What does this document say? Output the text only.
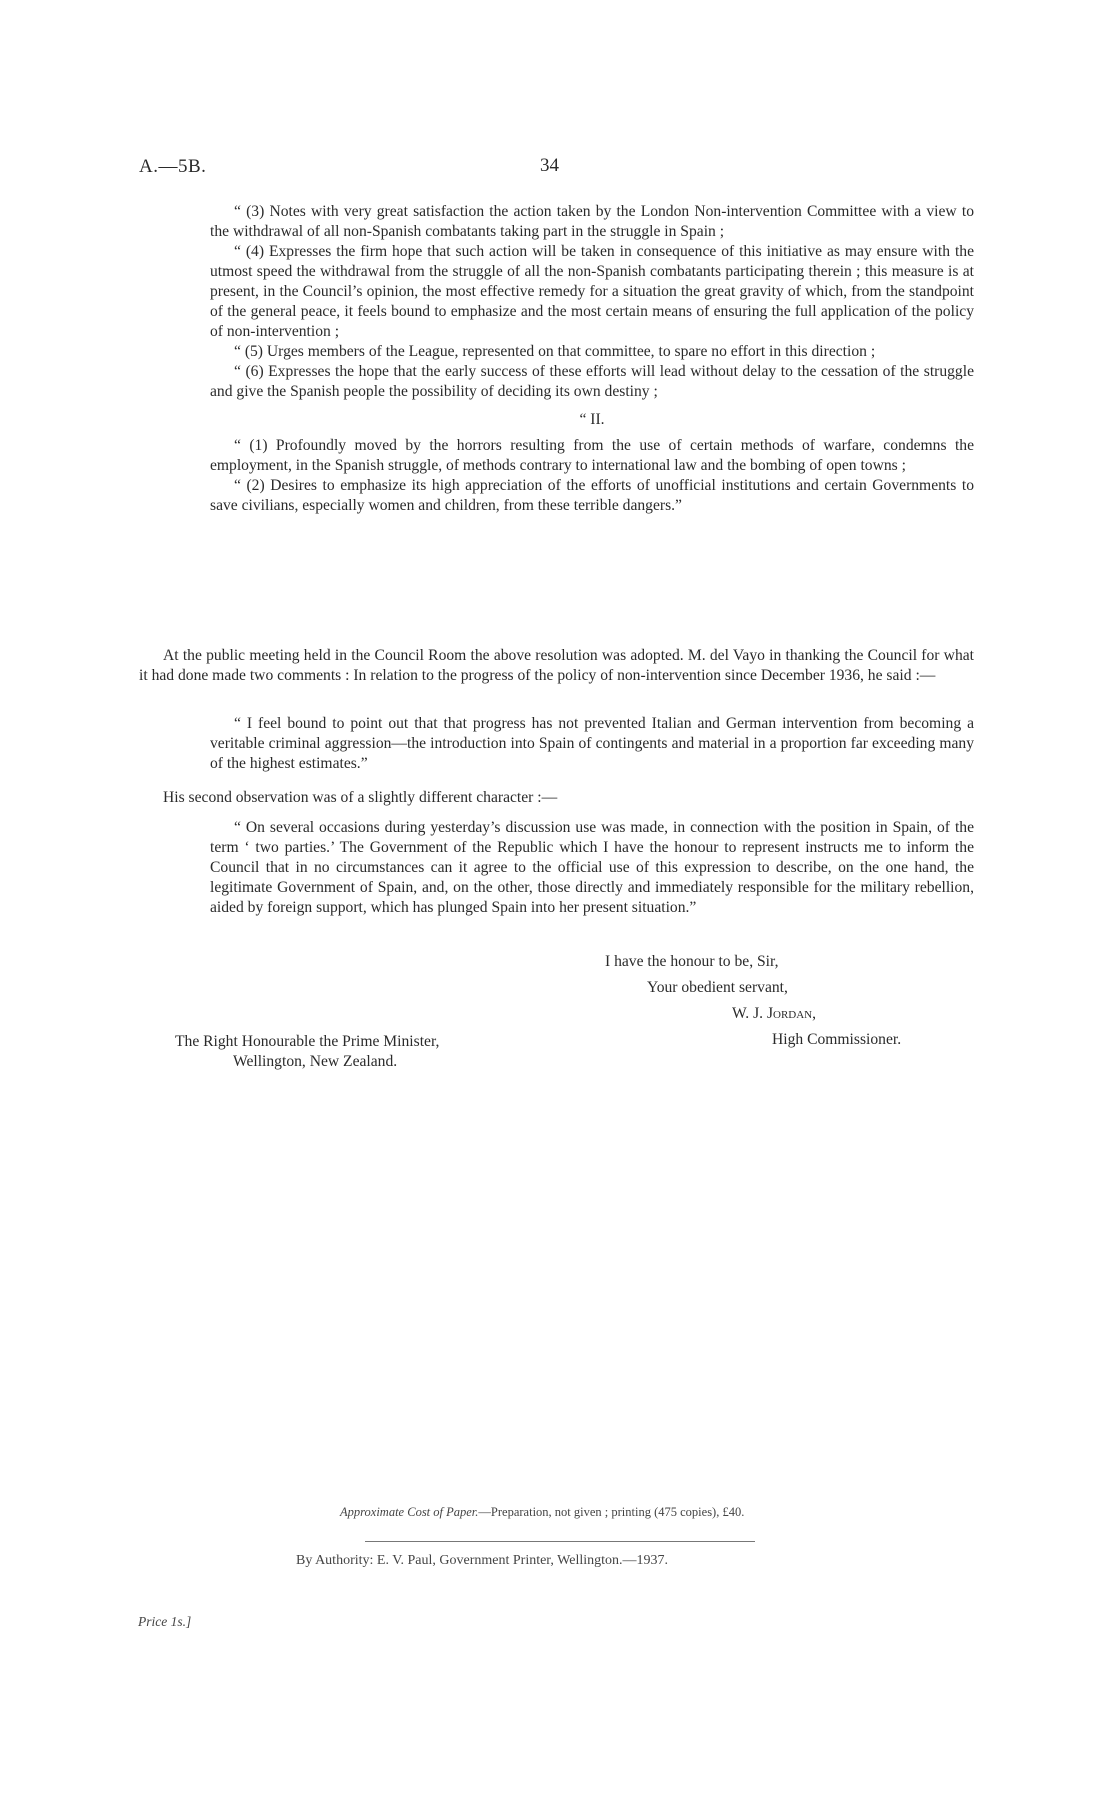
A.—5B.	34

“ (3) Notes with very great satisfaction the action taken by the London Non-intervention Committee with a view to the withdrawal of all non-Spanish combatants taking part in the struggle in Spain ;

“ (4) Expresses the firm hope that such action will be taken in consequence of this initiative as may ensure with the utmost speed the withdrawal from the struggle of all the non-Spanish combatants participating therein ; this measure is at present, in the Council’s opinion, the most effective remedy for a situation the great gravity of which, from the standpoint of the general peace, it feels bound to emphasize and the most certain means of ensuring the full application of the policy of non-intervention ;

“ (5) Urges members of the League, represented on that committee, to spare no effort in this direction ;

“ (6) Expresses the hope that the early success of these efforts will lead without delay to the cessation of the struggle and give the Spanish people the possibility of deciding its own destiny ;

“ II.

“ (1) Profoundly moved by the horrors resulting from the use of certain methods of warfare, condemns the employment, in the Spanish struggle, of methods contrary to international law and the bombing of open towns ;

“ (2) Desires to emphasize its high appreciation of the efforts of unofficial institutions and certain Governments to save civilians, especially women and children, from these terrible dangers.”

At the public meeting held in the Council Room the above resolution was adopted. M. del Vayo in thanking the Council for what it had done made two comments : In relation to the progress of the policy of non-intervention since December 1936, he said :—

“ I feel bound to point out that that progress has not prevented Italian and German intervention from becoming a veritable criminal aggression—the introduction into Spain of contingents and material in a proportion far exceeding many of the highest estimates.”

His second observation was of a slightly different character :—

“ On several occasions during yesterday’s discussion use was made, in connection with the position in Spain, of the term ‘ two parties.’ The Government of the Republic which I have the honour to represent instructs me to inform the Council that in no circumstances can it agree to the official use of this expression to describe, on the one hand, the legitimate Government of Spain, and, on the other, those directly and immediately responsible for the military rebellion, aided by foreign support, which has plunged Spain into her present situation.”

I have the honour to be, Sir,
Your obedient servant,
W. J. Jordan,
High Commissioner.
The Right Honourable the Prime Minister,
Wellington, New Zealand.
Approximate Cost of Paper.—Preparation, not given ; printing (475 copies), £40.
By Authority: E. V. Paul, Government Printer, Wellington.—1937.
Price 1s.]
